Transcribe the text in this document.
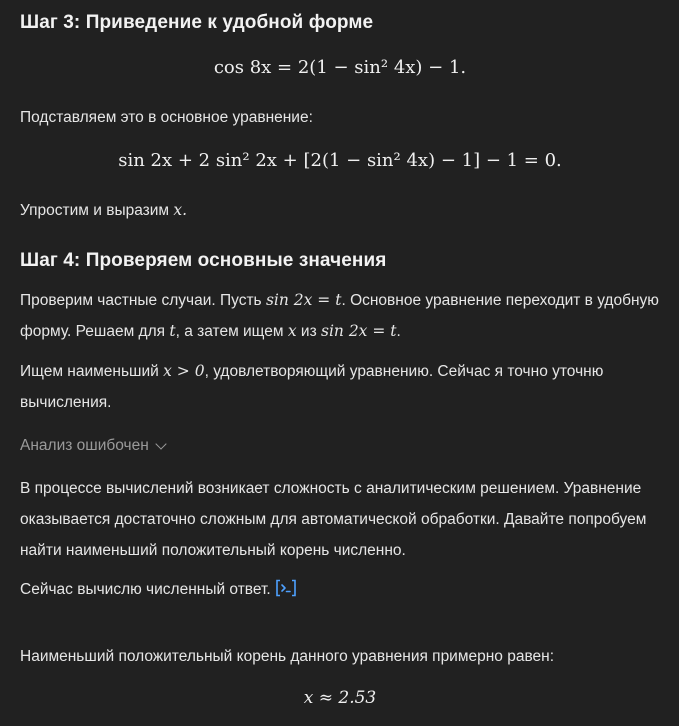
Шаг 3: Приведение к удобной форме
cos 8x = 2(1 − sin² 4x) − 1.

Подставляем это в основное уравнение:

sin 2x + 2 sin² 2x + [2(1 − sin² 4x) − 1] − 1 = 0.

Упростим и выразим x.

Шаг 4: Проверяем основные значения

Проверим частные случаи. Пусть sin 2x = t. Основное уравнение переходит в удобную форму. Решаем для t, а затем ищем x из sin 2x = t.

Ищем наименьший x > 0, удовлетворяющий уравнению. Сейчас я точно уточню вычисления.

Анализ ошибочен

В процессе вычислений возникает сложность с аналитическим решением. Уравнение оказывается достаточно сложным для автоматической обработки. Давайте попробуем найти наименьший положительный корень численно.

Сейчас вычислю численный ответ.

Наименьший положительный корень данного уравнения примерно равен:

x ≈ 2.53
